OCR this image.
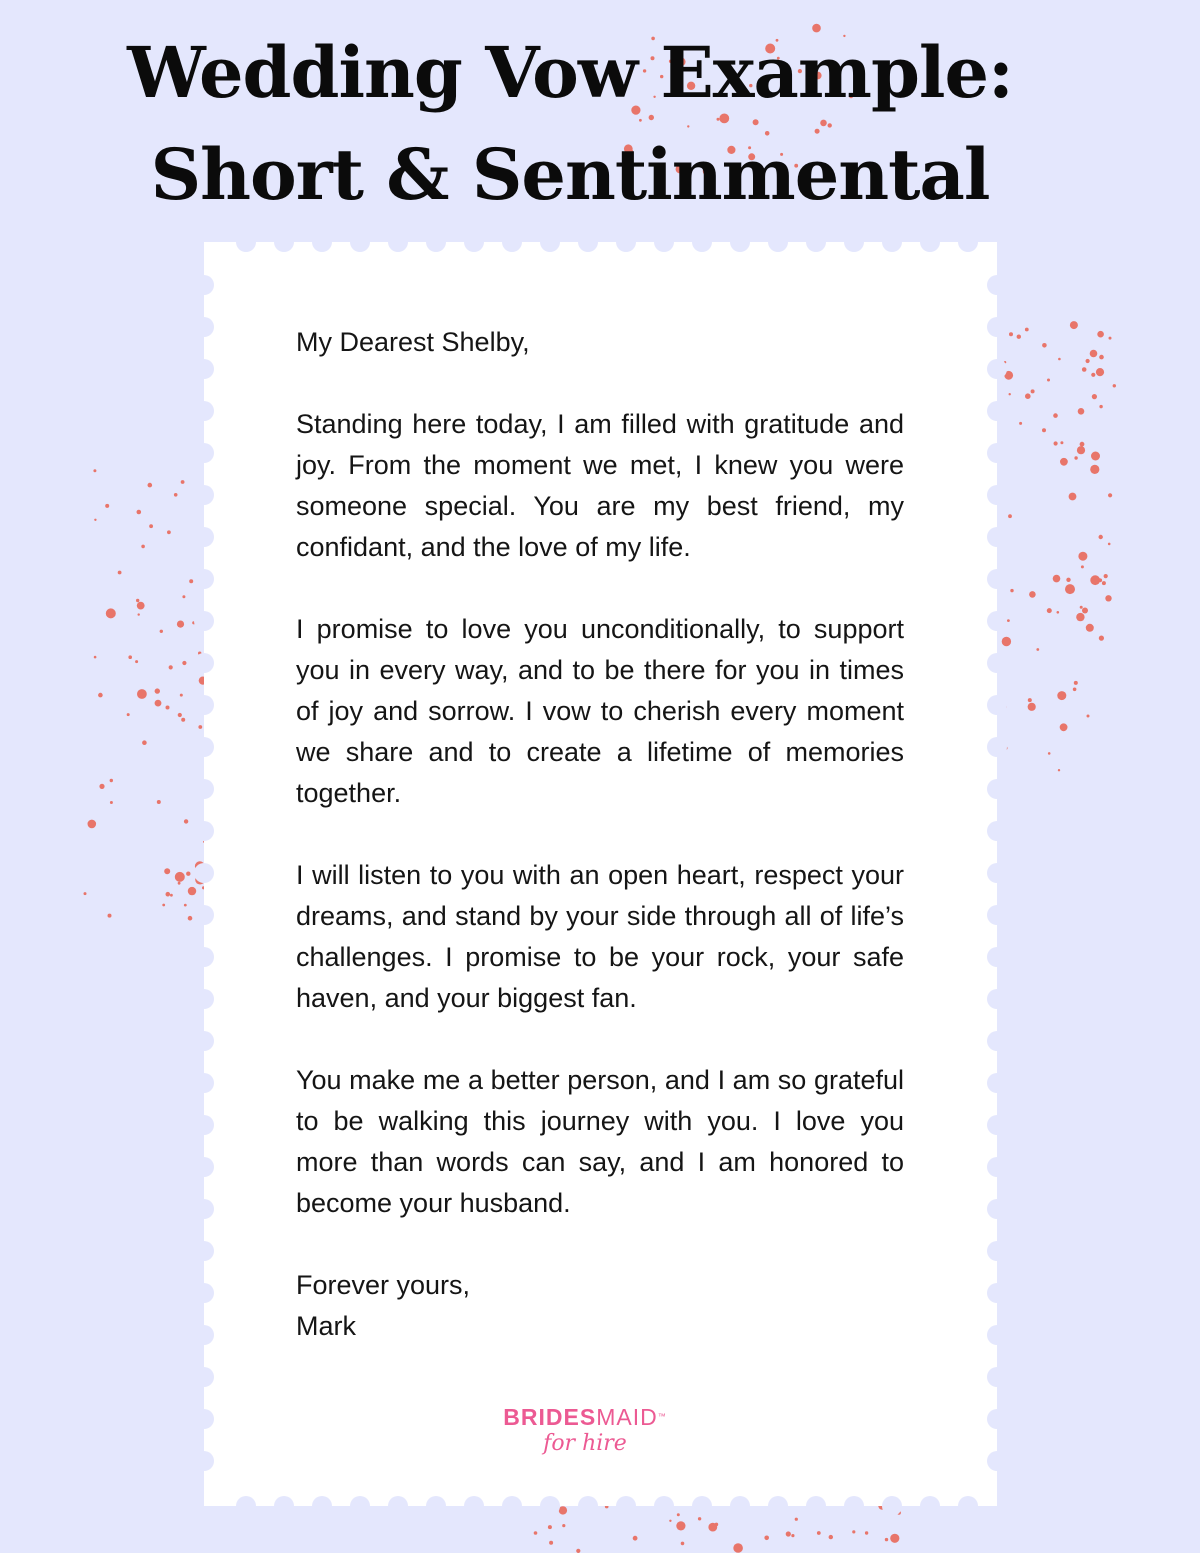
Wedding Vow Example:
Short & Sentinmental

My Dearest Shelby,

Standing here today, I am filled with gratitude and joy. From the moment we met, I knew you were someone special. You are my best friend, my confidant, and the love of my life.

I promise to love you unconditionally, to support you in every way, and to be there for you in times of joy and sorrow. I vow to cherish every moment we share and to create a lifetime of memories together.

I will listen to you with an open heart, respect your dreams, and stand by your side through all of life’s challenges. I promise to be your rock, your safe haven, and your biggest fan.

You make me a better person, and I am so grateful to be walking this journey with you. I love you more than words can say, and I am honored to become your husband.

Forever yours,
Mark
BRIDESMAID™
for hire
